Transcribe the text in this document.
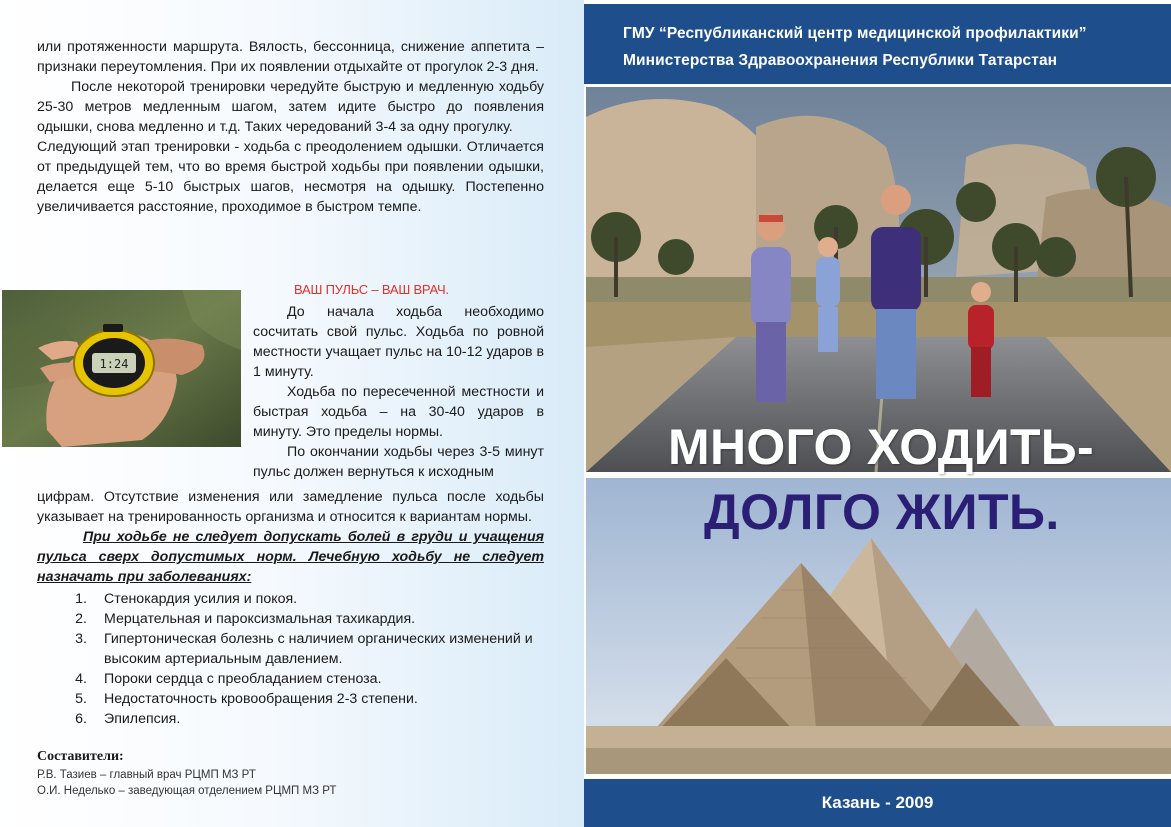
или протяженности маршрута. Вялость, бессонница, снижение аппетита – признаки переутомления. При их появлении отдыхайте от прогулок 2-3 дня.

После некоторой тренировки чередуйте быструю и медленную ходьбу 25-30 метров медленным шагом, затем идите быстро до появления одышки, снова медленно и т.д. Таких чередований 3-4 за одну прогулку.

Следующий этап тренировки - ходьба с преодолением одышки. Отличается от предыдущей тем, что во время быстрой ходьбы при появлении одышки, делается еще 5-10 быстрых шагов, несмотря на одышку. Постепенно увеличивается расстояние, проходимое в быстром темпе.

1:24
ВАШ ПУЛЬС – ВАШ ВРАЧ.

До начала ходьба необходимо сосчитать свой пульс. Ходьба по ровной местности учащает пульс на 10-12 ударов в 1 минуту.

Ходьба по пересеченной местности и быстрая ходьба – на 30-40 ударов в минуту. Это пределы нормы.

По окончании ходьбы через 3-5 минут пульс должен вернуться к исходным

цифрам. Отсутствие изменения или замедление пульса после ходьбы указывает на тренированность организма и относится к вариантам нормы.

При ходьбе не следует допускать болей в груди и учащения пульса сверх допустимых норм. Лечебную ходьбу не следует назначать при заболеваниях:
1.	Стенокардия усилия и покоя.
2.	Мерцательная и пароксизмальная тахикардия.
3.	Гипертоническая болезнь с наличием органических изменений и высоким артериальным давлением.
4.	Пороки сердца с преобладанием стеноза.
5.	Недостаточность кровообращения 2-3 степени.
6.	Эпилепсия.
Составители:
Р.В. Тазиев – главный врач РЦМП МЗ РТ
О.И. Неделько – заведующая отделением РЦМП МЗ РТ
ГМУ “Республиканский центр медицинской профилактики”
Министерства Здравоохранения Республики Татарстан
МНОГО ХОДИТЬ-
ДОЛГО ЖИТЬ.
Казань - 2009
